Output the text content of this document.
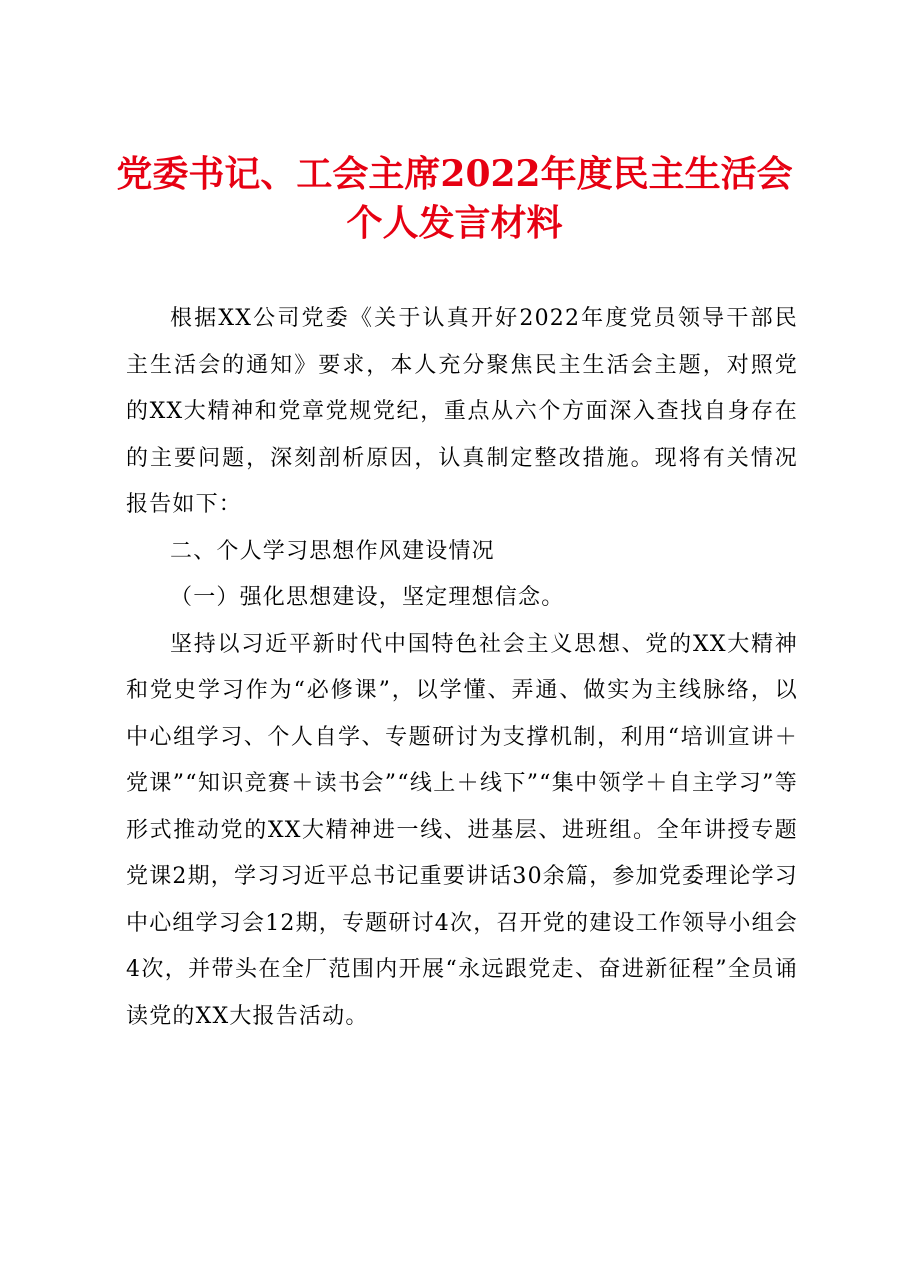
党委书记、工会主席2022年度民主生活会个人发言材料

根据XX公司党委《关于认真开好2022年度党员领导干部民主生活会的通知》要求，本人充分聚焦民主生活会主题，对照党的XX大精神和党章党规党纪，重点从六个方面深入查找自身存在的主要问题，深刻剖析原因，认真制定整改措施。现将有关情况报告如下：

二、个人学习思想作风建设情况

（一）强化思想建设，坚定理想信念。

坚持以习近平新时代中国特色社会主义思想、党的XX大精神和党史学习作为“必修课”，以学懂、弄通、做实为主线脉络，以中心组学习、个人自学、专题研讨为支撑机制，利用“培训宣讲＋党课”“知识竞赛＋读书会”“线上＋线下”“集中领学＋自主学习”等形式推动党的XX大精神进一线、进基层、进班组。全年讲授专题党课2期，学习习近平总书记重要讲话30余篇，参加党委理论学习中心组学习会12期，专题研讨4次，召开党的建设工作领导小组会4次，并带头在全厂范围内开展“永远跟党走、奋进新征程”全员诵读党的XX大报告活动。
